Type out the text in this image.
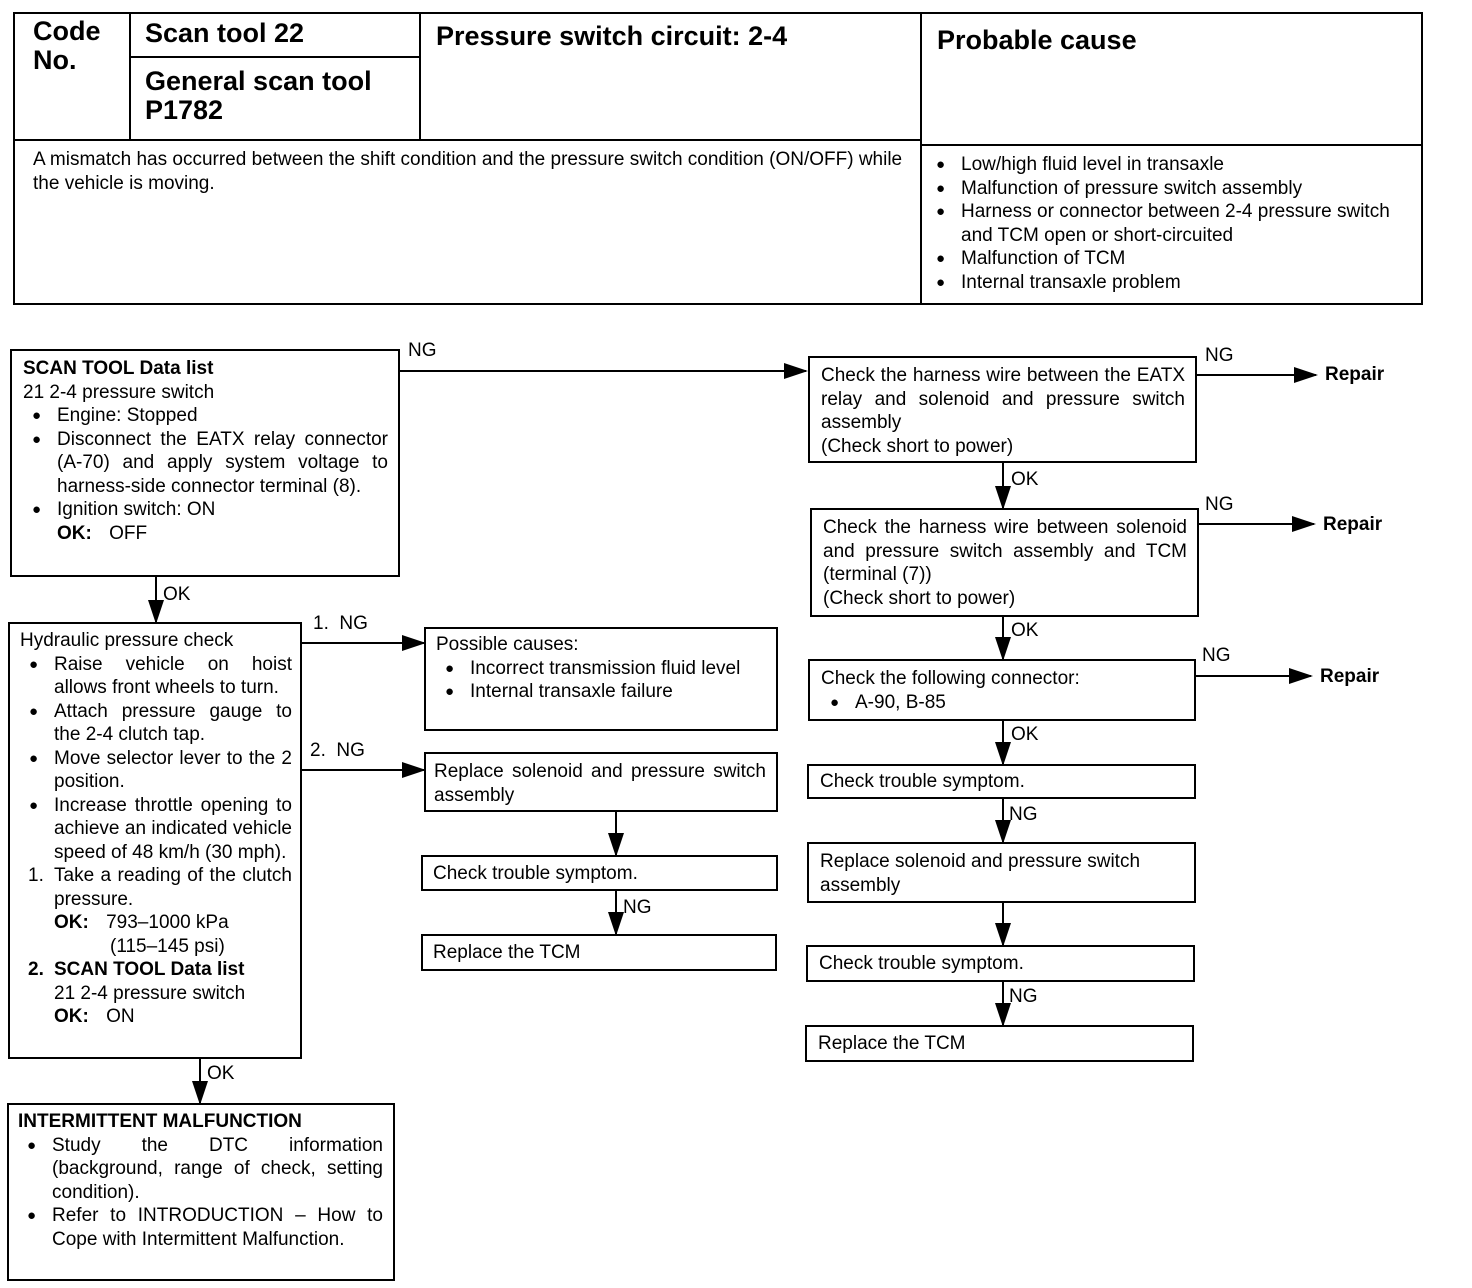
Code No.
Scan tool 22
General scan tool P1782
Pressure switch circuit: 2-4	Probable cause
A mismatch has occurred between the shift condition and the pressure switch condition (ON/OFF) while the vehicle is moving.
● Low/high fluid level in transaxle
● Malfunction of pressure switch assembly
● Harness or connector between 2-4 pressure switch and TCM open or short-circuited
● Malfunction of TCM
● Internal transaxle problem
SCAN TOOL Data list
21 2-4 pressure switch
● Engine: Stopped
● Disconnect the EATX relay connector (A-70) and apply system voltage to harness-side connector terminal (8).
● Ignition switch: ON
OK: OFF
OK
Hydraulic pressure check
● Raise vehicle on hoist allows front wheels to turn.
● Attach pressure gauge to the 2-4 clutch tap.
● Move selector lever to the 2 position.
● Increase throttle opening to achieve an indicated vehicle speed of 48 km/h (30 mph).
1. Take a reading of the clutch pressure.
OK: 793–1000 kPa
(115–145 psi)
2. SCAN TOOL Data list
21 2-4 pressure switch
OK: ON
OK
INTERMITTENT MALFUNCTION
● Study the DTC information (background, range of check, setting condition).
● Refer to INTRODUCTION – How to Cope with Intermittent Malfunction.
NG
1.  NG
2.  NG
Possible causes:
● Incorrect transmission fluid level
● Internal transaxle failure
Replace solenoid and pressure switch assembly
Check trouble symptom.
NG
Replace the TCM
Check the harness wire between the EATX relay and solenoid and pressure switch assembly
(Check short to power)
NG
Repair
OK
Check the harness wire between solenoid and pressure switch assembly and TCM (terminal (7))
(Check short to power)
NG
Repair
OK
Check the following connector:
● A-90, B-85
NG
Repair
OK
Check trouble symptom.
NG
Replace solenoid and pressure switch assembly
Check trouble symptom.
NG
Replace the TCM
